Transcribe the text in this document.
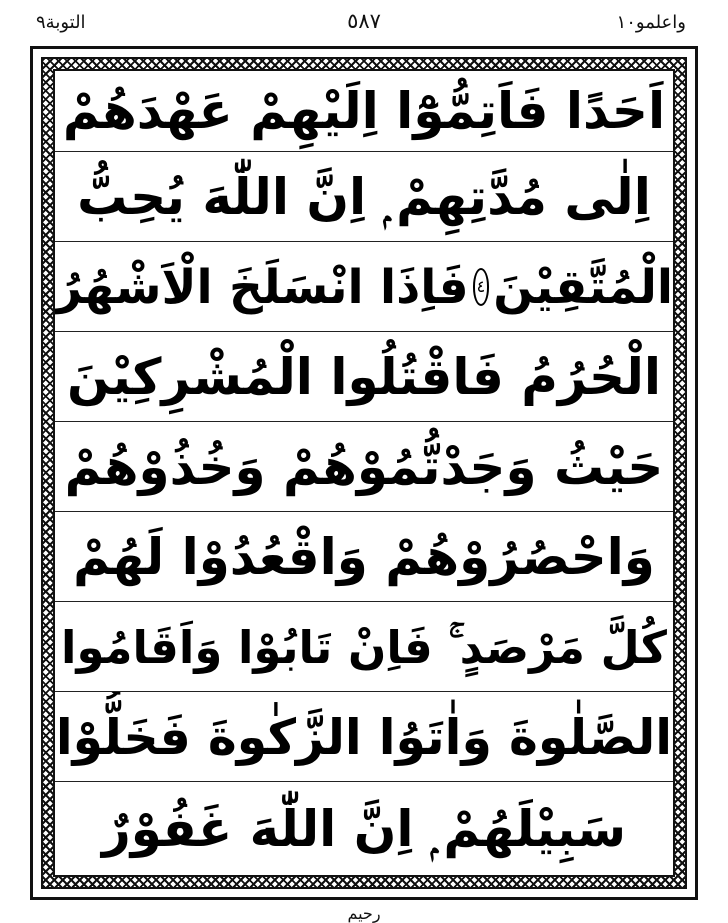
التوبة٩	٥٨٧	واعلمو١٠
اَحَدًا فَاَتِمُّوْٓا اِلَيْهِمْ عَهْدَهُمْ
اِلٰى مُدَّتِهِمْ ۭ اِنَّ اللّٰهَ يُحِبُّ
الْمُتَّقِيْنَ
٤
فَاِذَا انْسَلَخَ الْاَشْهُرُ
الْحُرُمُ فَاقْتُلُوا الْمُشْرِكِيْنَ
حَيْثُ وَجَدْتُّمُوْهُمْ وَخُذُوْهُمْ
وَاحْصُرُوْهُمْ وَاقْعُدُوْا لَهُمْ
كُلَّ مَرْصَدٍ ۚ فَاِنْ تَابُوْا وَاَقَامُوا
الصَّلٰوةَ وَاٰتَوُا الزَّكٰوةَ فَخَلُّوْا
سَبِيْلَهُمْ ۭ اِنَّ اللّٰهَ غَفُوْرٌ
رحيم
